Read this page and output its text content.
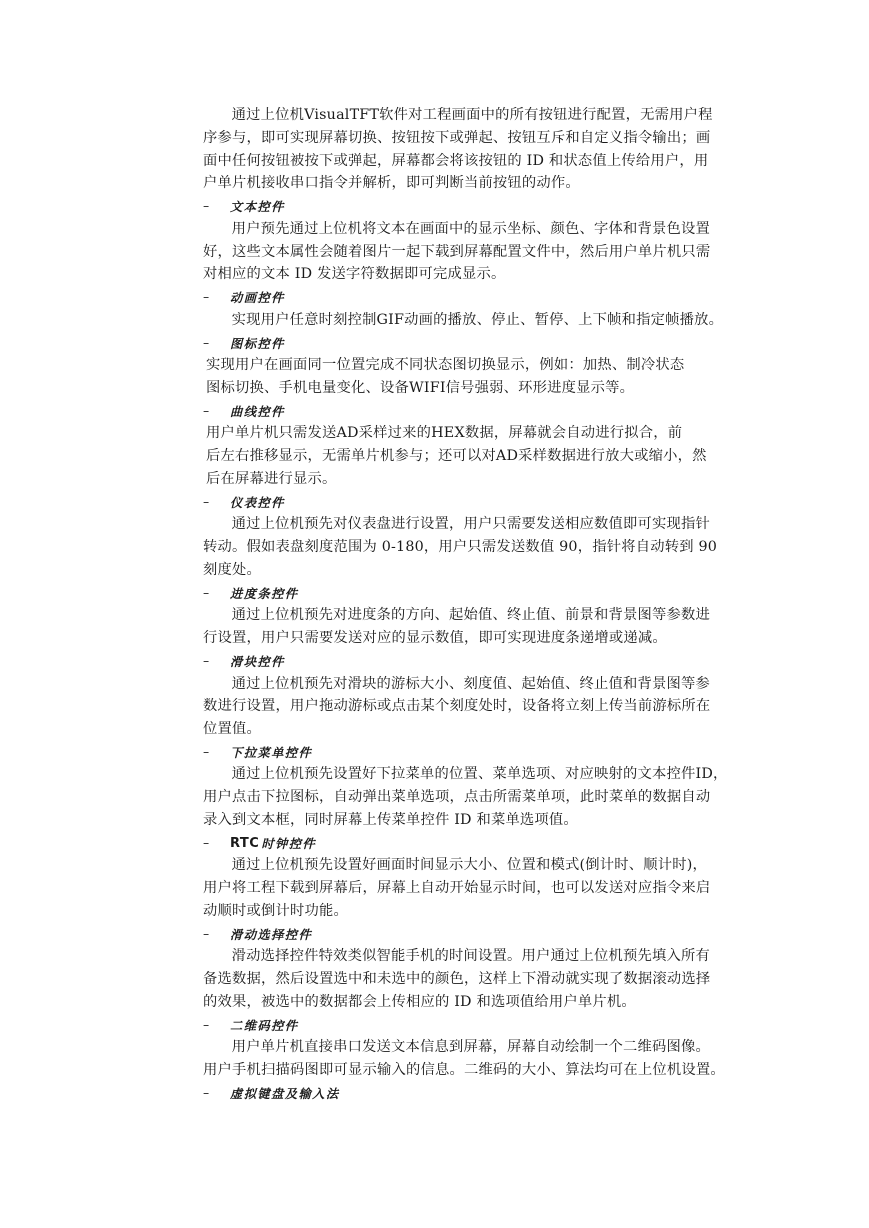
通过上位机VisualTFT软件对工程画面中的所有按钮进行配置，无需用户程
序参与，即可实现屏幕切换、按钮按下或弹起、按钮互斥和自定义指令输出；画
面中任何按钮被按下或弹起，屏幕都会将该按钮的 ID 和状态值上传给用户，用
户单片机接收串口指令并解析，即可判断当前按钮的动作。

–	文本控件

用户预先通过上位机将文本在画面中的显示坐标、颜色、字体和背景色设置
好，这些文本属性会随着图片一起下载到屏幕配置文件中，然后用户单片机只需
对相应的文本 ID 发送字符数据即可完成显示。

–	动画控件

实现用户任意时刻控制GIF动画的播放、停止、暂停、上下帧和指定帧播放。

–	图标控件

实现用户在画面同一位置完成不同状态图切换显示，例如：加热、制冷状态
图标切换、手机电量变化、设备WIFI信号强弱、环形进度显示等。

–	曲线控件

用户单片机只需发送AD采样过来的HEX数据，屏幕就会自动进行拟合，前
后左右推移显示，无需单片机参与；还可以对AD采样数据进行放大或缩小，然
后在屏幕进行显示。

–	仪表控件

通过上位机预先对仪表盘进行设置，用户只需要发送相应数值即可实现指针
转动。假如表盘刻度范围为 0-180，用户只需发送数值 90，指针将自动转到 90
刻度处。

–	进度条控件

通过上位机预先对进度条的方向、起始值、终止值、前景和背景图等参数进
行设置，用户只需要发送对应的显示数值，即可实现进度条递增或递减。

–	滑块控件

通过上位机预先对滑块的游标大小、刻度值、起始值、终止值和背景图等参
数进行设置，用户拖动游标或点击某个刻度处时，设备将立刻上传当前游标所在
位置值。

–	下拉菜单控件

通过上位机预先设置好下拉菜单的位置、菜单选项、对应映射的文本控件ID，
用户点击下拉图标，自动弹出菜单选项，点击所需菜单项，此时菜单的数据自动
录入到文本框，同时屏幕上传菜单控件 ID 和菜单选项值。

–	RTC 时钟控件

通过上位机预先设置好画面时间显示大小、位置和模式(倒计时、顺计时)，
用户将工程下载到屏幕后，屏幕上自动开始显示时间，也可以发送对应指令来启
动顺时或倒计时功能。

–	滑动选择控件

滑动选择控件特效类似智能手机的时间设置。用户通过上位机预先填入所有
备选数据，然后设置选中和未选中的颜色，这样上下滑动就实现了数据滚动选择
的效果，被选中的数据都会上传相应的 ID 和选项值给用户单片机。

–	二维码控件

用户单片机直接串口发送文本信息到屏幕，屏幕自动绘制一个二维码图像。
用户手机扫描码图即可显示输入的信息。二维码的大小、算法均可在上位机设置。

–	虚拟键盘及输入法
